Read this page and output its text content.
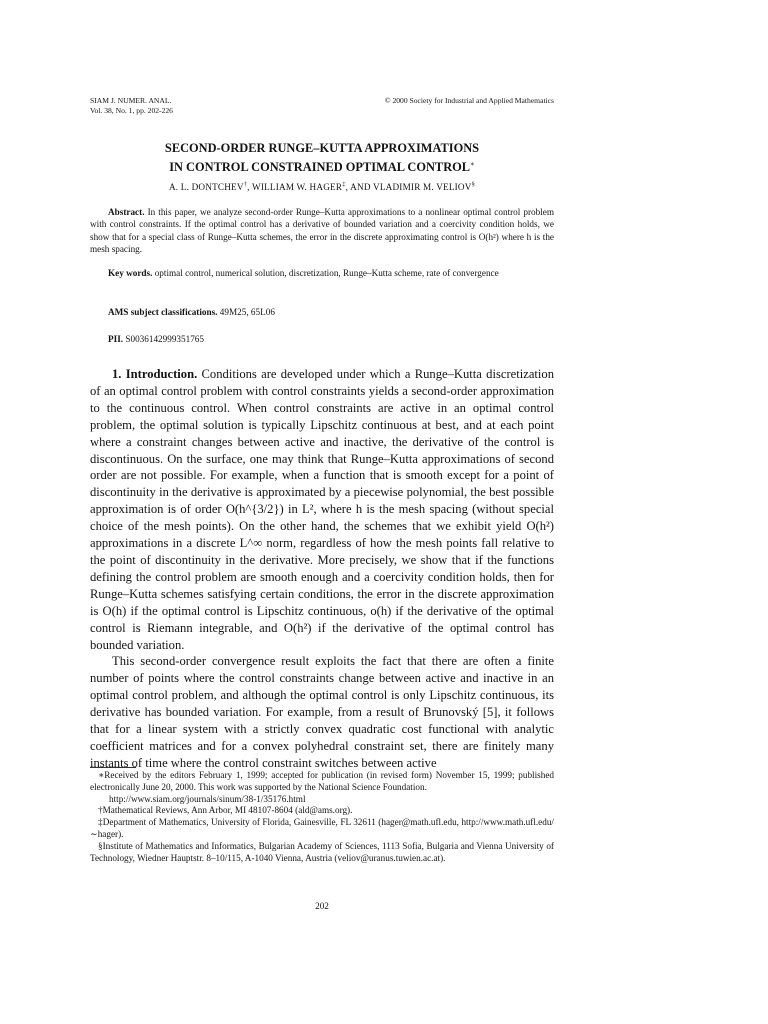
SIAM J. NUMER. ANAL.
Vol. 38, No. 1, pp. 202-226
© 2000 Society for Industrial and Applied Mathematics
SECOND-ORDER RUNGE–KUTTA APPROXIMATIONS
IN CONTROL CONSTRAINED OPTIMAL CONTROL∗
A. L. DONTCHEV†, WILLIAM W. HAGER‡, AND VLADIMIR M. VELIOV§
Abstract. In this paper, we analyze second-order Runge–Kutta approximations to a nonlinear optimal control problem with control constraints. If the optimal control has a derivative of bounded variation and a coercivity condition holds, we show that for a special class of Runge–Kutta schemes, the error in the discrete approximating control is O(h²) where h is the mesh spacing.
Key words. optimal control, numerical solution, discretization, Runge–Kutta scheme, rate of convergence
AMS subject classifications. 49M25, 65L06
PII. S0036142999351765

1. Introduction. Conditions are developed under which a Runge–Kutta discretization of an optimal control problem with control constraints yields a second-order approximation to the continuous control. When control constraints are active in an optimal control problem, the optimal solution is typically Lipschitz continuous at best, and at each point where a constraint changes between active and inactive, the derivative of the control is discontinuous. On the surface, one may think that Runge–Kutta approximations of second order are not possible. For example, when a function that is smooth except for a point of discontinuity in the derivative is approximated by a piecewise polynomial, the best possible approximation is of order O(h^{3/2}) in L², where h is the mesh spacing (without special choice of the mesh points). On the other hand, the schemes that we exhibit yield O(h²) approximations in a discrete L^∞ norm, regardless of how the mesh points fall relative to the point of discontinuity in the derivative. More precisely, we show that if the functions defining the control problem are smooth enough and a coercivity condition holds, then for Runge–Kutta schemes satisfying certain conditions, the error in the discrete approximation is O(h) if the optimal control is Lipschitz continuous, o(h) if the derivative of the optimal control is Riemann integrable, and O(h²) if the derivative of the optimal control has bounded variation.

This second-order convergence result exploits the fact that there are often a finite number of points where the control constraints change between active and inactive in an optimal control problem, and although the optimal control is only Lipschitz continuous, its derivative has bounded variation. For example, from a result of Brunovský [5], it follows that for a linear system with a strictly convex quadratic cost functional with analytic coefficient matrices and for a convex polyhedral constraint set, there are finitely many instants of time where the control constraint switches between active

∗Received by the editors February 1, 1999; accepted for publication (in revised form) November 15, 1999; published electronically June 20, 2000. This work was supported by the National Science Foundation.

http://www.siam.org/journals/sinum/38-1/35176.html

†Mathematical Reviews, Ann Arbor, MI 48107-8604 (ald@ams.org).

‡Department of Mathematics, University of Florida, Gainesville, FL 32611 (hager@math.ufl.edu, http://www.math.ufl.edu/∼hager).

§Institute of Mathematics and Informatics, Bulgarian Academy of Sciences, 1113 Sofia, Bulgaria and Vienna University of Technology, Wiedner Hauptstr. 8–10/115, A-1040 Vienna, Austria (veliov@uranus.tuwien.ac.at).

202
